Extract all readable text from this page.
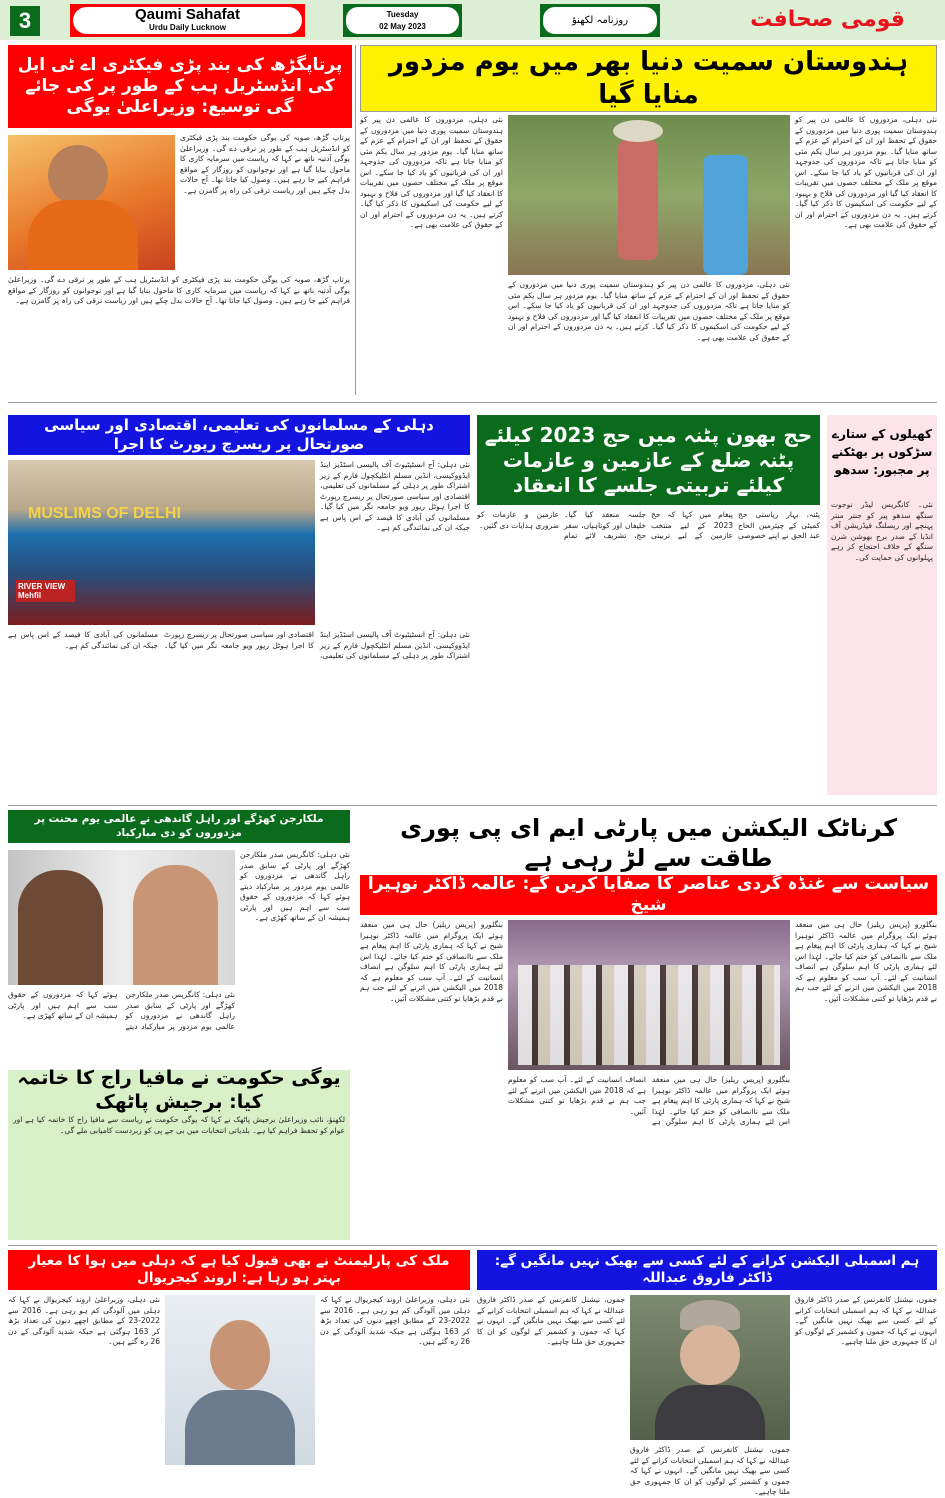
3	Qaumi Sahafat
Urdu Daily Lucknow
Tuesday
02 May 2023
روزنامہ لکھنؤ	قومی صحافت
پرتاپگڑھ کی بند پڑی فیکٹری اے ٹی ایل کی انڈسٹریل ہب کے طور پر کی جائے گی توسیع: وزیراعلیٰ یوگی
پرتاپ گڑھ، صوبہ کی یوگی حکومت بند پڑی فیکٹری کو انڈسٹریل ہب کے طور پر ترقی دے گی۔ وزیراعلیٰ یوگی آدتیہ ناتھ نے کہا کہ ریاست میں سرمایہ کاری کا ماحول بنایا گیا ہے اور نوجوانوں کو روزگار کے مواقع فراہم کیے جا رہے ہیں۔ وصول کیا جاتا تھا۔ آج حالات بدل چکے ہیں اور ریاست ترقی کی راہ پر گامزن ہے۔
پرتاپ گڑھ، صوبہ کی یوگی حکومت بند پڑی فیکٹری کو انڈسٹریل ہب کے طور پر ترقی دے گی۔ وزیراعلیٰ یوگی آدتیہ ناتھ نے کہا کہ ریاست میں سرمایہ کاری کا ماحول بنایا گیا ہے اور نوجوانوں کو روزگار کے مواقع فراہم کیے جا رہے ہیں۔ وصول کیا جاتا تھا۔ آج حالات بدل چکے ہیں اور ریاست ترقی کی راہ پر گامزن ہے۔
ہندوستان سمیت دنیا بھر میں یوم مزدور منایا گیا
نئی دہلی، مزدوروں کا عالمی دن پیر کو ہندوستان سمیت پوری دنیا میں مزدوروں کے حقوق کے تحفظ اور ان کے احترام کے عزم کے ساتھ منایا گیا۔ یوم مزدور ہر سال یکم مئی کو منایا جاتا ہے تاکہ مزدوروں کی جدوجہد اور ان کی قربانیوں کو یاد کیا جا سکے۔ اس موقع پر ملک کے مختلف حصوں میں تقریبات کا انعقاد کیا گیا اور مزدوروں کی فلاح و بہبود کے لیے حکومت کی اسکیموں کا ذکر کیا گیا۔ کرتے ہیں۔ یہ دن مزدوروں کے احترام اور ان کے حقوق کی علامت بھی ہے۔
نئی دہلی، مزدوروں کا عالمی دن پیر کو ہندوستان سمیت پوری دنیا میں مزدوروں کے حقوق کے تحفظ اور ان کے احترام کے عزم کے ساتھ منایا گیا۔ یوم مزدور ہر سال یکم مئی کو منایا جاتا ہے تاکہ مزدوروں کی جدوجہد اور ان کی قربانیوں کو یاد کیا جا سکے۔ اس موقع پر ملک کے مختلف حصوں میں تقریبات کا انعقاد کیا گیا اور مزدوروں کی فلاح و بہبود کے لیے حکومت کی اسکیموں کا ذکر کیا گیا۔ کرتے ہیں۔ یہ دن مزدوروں کے احترام اور ان کے حقوق کی علامت بھی ہے۔
نئی دہلی، مزدوروں کا عالمی دن پیر کو ہندوستان سمیت پوری دنیا میں مزدوروں کے حقوق کے تحفظ اور ان کے احترام کے عزم کے ساتھ منایا گیا۔ یوم مزدور ہر سال یکم مئی کو منایا جاتا ہے تاکہ مزدوروں کی جدوجہد اور ان کی قربانیوں کو یاد کیا جا سکے۔ اس موقع پر ملک کے مختلف حصوں میں تقریبات کا انعقاد کیا گیا اور مزدوروں کی فلاح و بہبود کے لیے حکومت کی اسکیموں کا ذکر کیا گیا۔ کرتے ہیں۔ یہ دن مزدوروں کے احترام اور ان کے حقوق کی علامت بھی ہے۔
دہلی کے مسلمانوں کی تعلیمی، اقتصادی اور سیاسی صورتحال پر ریسرچ رپورٹ کا اجرا
MUSLIMS OF DELHI
RIVER VIEW Mehfil
نئی دہلی: آج انسٹیٹیوٹ آف پالیسی اسٹڈیز اینڈ ایڈووکیسی، انڈین مسلم انٹلیکچول فارم کے زیر اشتراک طور پر دہلی کے مسلمانوں کی تعلیمی، اقتصادی اور سیاسی صورتحال پر ریسرچ رپورٹ کا اجرا ہوٹل ریور ویو جامعہ نگر میں کیا گیا۔ مسلمانوں کی آبادی کا فیصد کے اس پاس ہے جبکہ ان کی نمائندگی کم ہے۔
نئی دہلی: آج انسٹیٹیوٹ آف پالیسی اسٹڈیز اینڈ ایڈووکیسی، انڈین مسلم انٹلیکچول فارم کے زیر اشتراک طور پر دہلی کے مسلمانوں کی تعلیمی، اقتصادی اور سیاسی صورتحال پر ریسرچ رپورٹ کا اجرا ہوٹل ریور ویو جامعہ نگر میں کیا گیا۔ مسلمانوں کی آبادی کا فیصد کے اس پاس ہے جبکہ ان کی نمائندگی کم ہے۔
حج بھون پٹنہ میں حج 2023 کیلئے پٹنہ ضلع کے عازمین و عازمات کیلئے تربیتی جلسے کا انعقاد
پٹنہ، بہار ریاستی حج کمیٹی کے چیئرمین الحاج عبد الحق نے اپنے خصوصی پیغام میں کہا کہ حج 2023 کے لیے منتخب عازمین کے لیے تربیتی جلسہ منعقد کیا گیا۔ خلیفاں اور کوتاہیاں، سفر حج، تشریف لائے تمام عازمین و عازمات کو ضروری ہدایات دی گئیں۔
کھیلوں کے ستارے سڑکوں پر بھٹکنے پر مجبور: سدھو
نئی۔ کانگریس لیڈر نوجوت سنگھ سدھو پیر کو جنتر منتر پہنچے اور ریسلنگ فیڈریشن آف انڈیا کے صدر برج بھوشن شرن سنگھ کے خلاف احتجاج کر رہے پہلوانوں کی حمایت کی۔
ملکارجن کھڑگے اور راہل گاندھی نے عالمی یوم محنت پر مزدوروں کو دی مبارکباد
نئی دہلی: کانگریس صدر ملکارجن کھڑگے اور پارٹی کے سابق صدر راہل گاندھی نے مزدوروں کو عالمی یوم مزدور پر مبارکباد دیتے ہوئے کہا کہ مزدوروں کے حقوق سب سے اہم ہیں اور پارٹی ہمیشہ ان کے ساتھ کھڑی ہے۔
نئی دہلی: کانگریس صدر ملکارجن کھڑگے اور پارٹی کے سابق صدر راہل گاندھی نے مزدوروں کو عالمی یوم مزدور پر مبارکباد دیتے ہوئے کہا کہ مزدوروں کے حقوق سب سے اہم ہیں اور پارٹی ہمیشہ ان کے ساتھ کھڑی ہے۔
کرناٹک الیکشن میں پارٹی ایم ای پی پوری طاقت سے لڑ رہی ہے
سیاست سے غنڈہ گردی عناصر کا صفایا کریں گے: عالمہ ڈاکٹر نوہیرا شیخ
بنگلورو (پریس ریلیز) حال ہی میں منعقد ہوئے ایک پروگرام میں عالمہ ڈاکٹر نوہیرا شیخ نے کہا کہ ہماری پارٹی کا اہم پیغام ہے ملک سے ناانصافی کو ختم کیا جائے۔ لہٰذا اس لئے ہماری پارٹی کا اہم سلوگن ہے انصاف انسانیت کے لئے۔ آپ سب کو معلوم ہے کہ 2018 میں الیکشن میں اترنے کے لئے جب ہم نے قدم بڑھایا تو کتنی مشکلات آئیں۔
بنگلورو (پریس ریلیز) حال ہی میں منعقد ہوئے ایک پروگرام میں عالمہ ڈاکٹر نوہیرا شیخ نے کہا کہ ہماری پارٹی کا اہم پیغام ہے ملک سے ناانصافی کو ختم کیا جائے۔ لہٰذا اس لئے ہماری پارٹی کا اہم سلوگن ہے انصاف انسانیت کے لئے۔ آپ سب کو معلوم ہے کہ 2018 میں الیکشن میں اترنے کے لئے جب ہم نے قدم بڑھایا تو کتنی مشکلات آئیں۔
بنگلورو (پریس ریلیز) حال ہی میں منعقد ہوئے ایک پروگرام میں عالمہ ڈاکٹر نوہیرا شیخ نے کہا کہ ہماری پارٹی کا اہم پیغام ہے ملک سے ناانصافی کو ختم کیا جائے۔ لہٰذا اس لئے ہماری پارٹی کا اہم سلوگن ہے انصاف انسانیت کے لئے۔ آپ سب کو معلوم ہے کہ 2018 میں الیکشن میں اترنے کے لئے جب ہم نے قدم بڑھایا تو کتنی مشکلات آئیں۔
یوگی حکومت نے مافیا راج کا خاتمہ کیا: برجیش پاٹھک
لکھنؤ، نائب وزیراعلیٰ برجیش پاٹھک نے کہا کہ یوگی حکومت نے ریاست سے مافیا راج کا خاتمہ کیا ہے اور عوام کو تحفظ فراہم کیا ہے۔ بلدیاتی انتخابات میں بی جے پی کو زبردست کامیابی ملے گی۔
ملک کی پارلیمنٹ نے بھی قبول کیا ہے کہ دہلی میں ہوا کا معیار بہتر ہو رہا ہے: اروند کیجریوال
نئی دہلی، وزیراعلیٰ اروند کیجریوال نے کہا کہ دہلی میں آلودگی کم ہو رہی ہے۔ 2016 سے 2022-23 کے مطابق اچھے دنوں کی تعداد بڑھ کر 163 ہوگئی ہے جبکہ شدید آلودگی کے دن 26 رہ گئے ہیں۔
نئی دہلی، وزیراعلیٰ اروند کیجریوال نے کہا کہ دہلی میں آلودگی کم ہو رہی ہے۔ 2016 سے 2022-23 کے مطابق اچھے دنوں کی تعداد بڑھ کر 163 ہوگئی ہے جبکہ شدید آلودگی کے دن 26 رہ گئے ہیں۔
ہم اسمبلی الیکشن کرانے کے لئے کسی سے بھیک نہیں مانگیں گے: ڈاکٹر فاروق عبداللہ
جموں، نیشنل کانفرنس کے صدر ڈاکٹر فاروق عبداللہ نے کہا کہ ہم اسمبلی انتخابات کرانے کے لئے کسی سے بھیک نہیں مانگیں گے۔ انہوں نے کہا کہ جموں و کشمیر کے لوگوں کو ان کا جمہوری حق ملنا چاہیے۔
جموں، نیشنل کانفرنس کے صدر ڈاکٹر فاروق عبداللہ نے کہا کہ ہم اسمبلی انتخابات کرانے کے لئے کسی سے بھیک نہیں مانگیں گے۔ انہوں نے کہا کہ جموں و کشمیر کے لوگوں کو ان کا جمہوری حق ملنا چاہیے۔
جموں، نیشنل کانفرنس کے صدر ڈاکٹر فاروق عبداللہ نے کہا کہ ہم اسمبلی انتخابات کرانے کے لئے کسی سے بھیک نہیں مانگیں گے۔ انہوں نے کہا کہ جموں و کشمیر کے لوگوں کو ان کا جمہوری حق ملنا چاہیے۔
